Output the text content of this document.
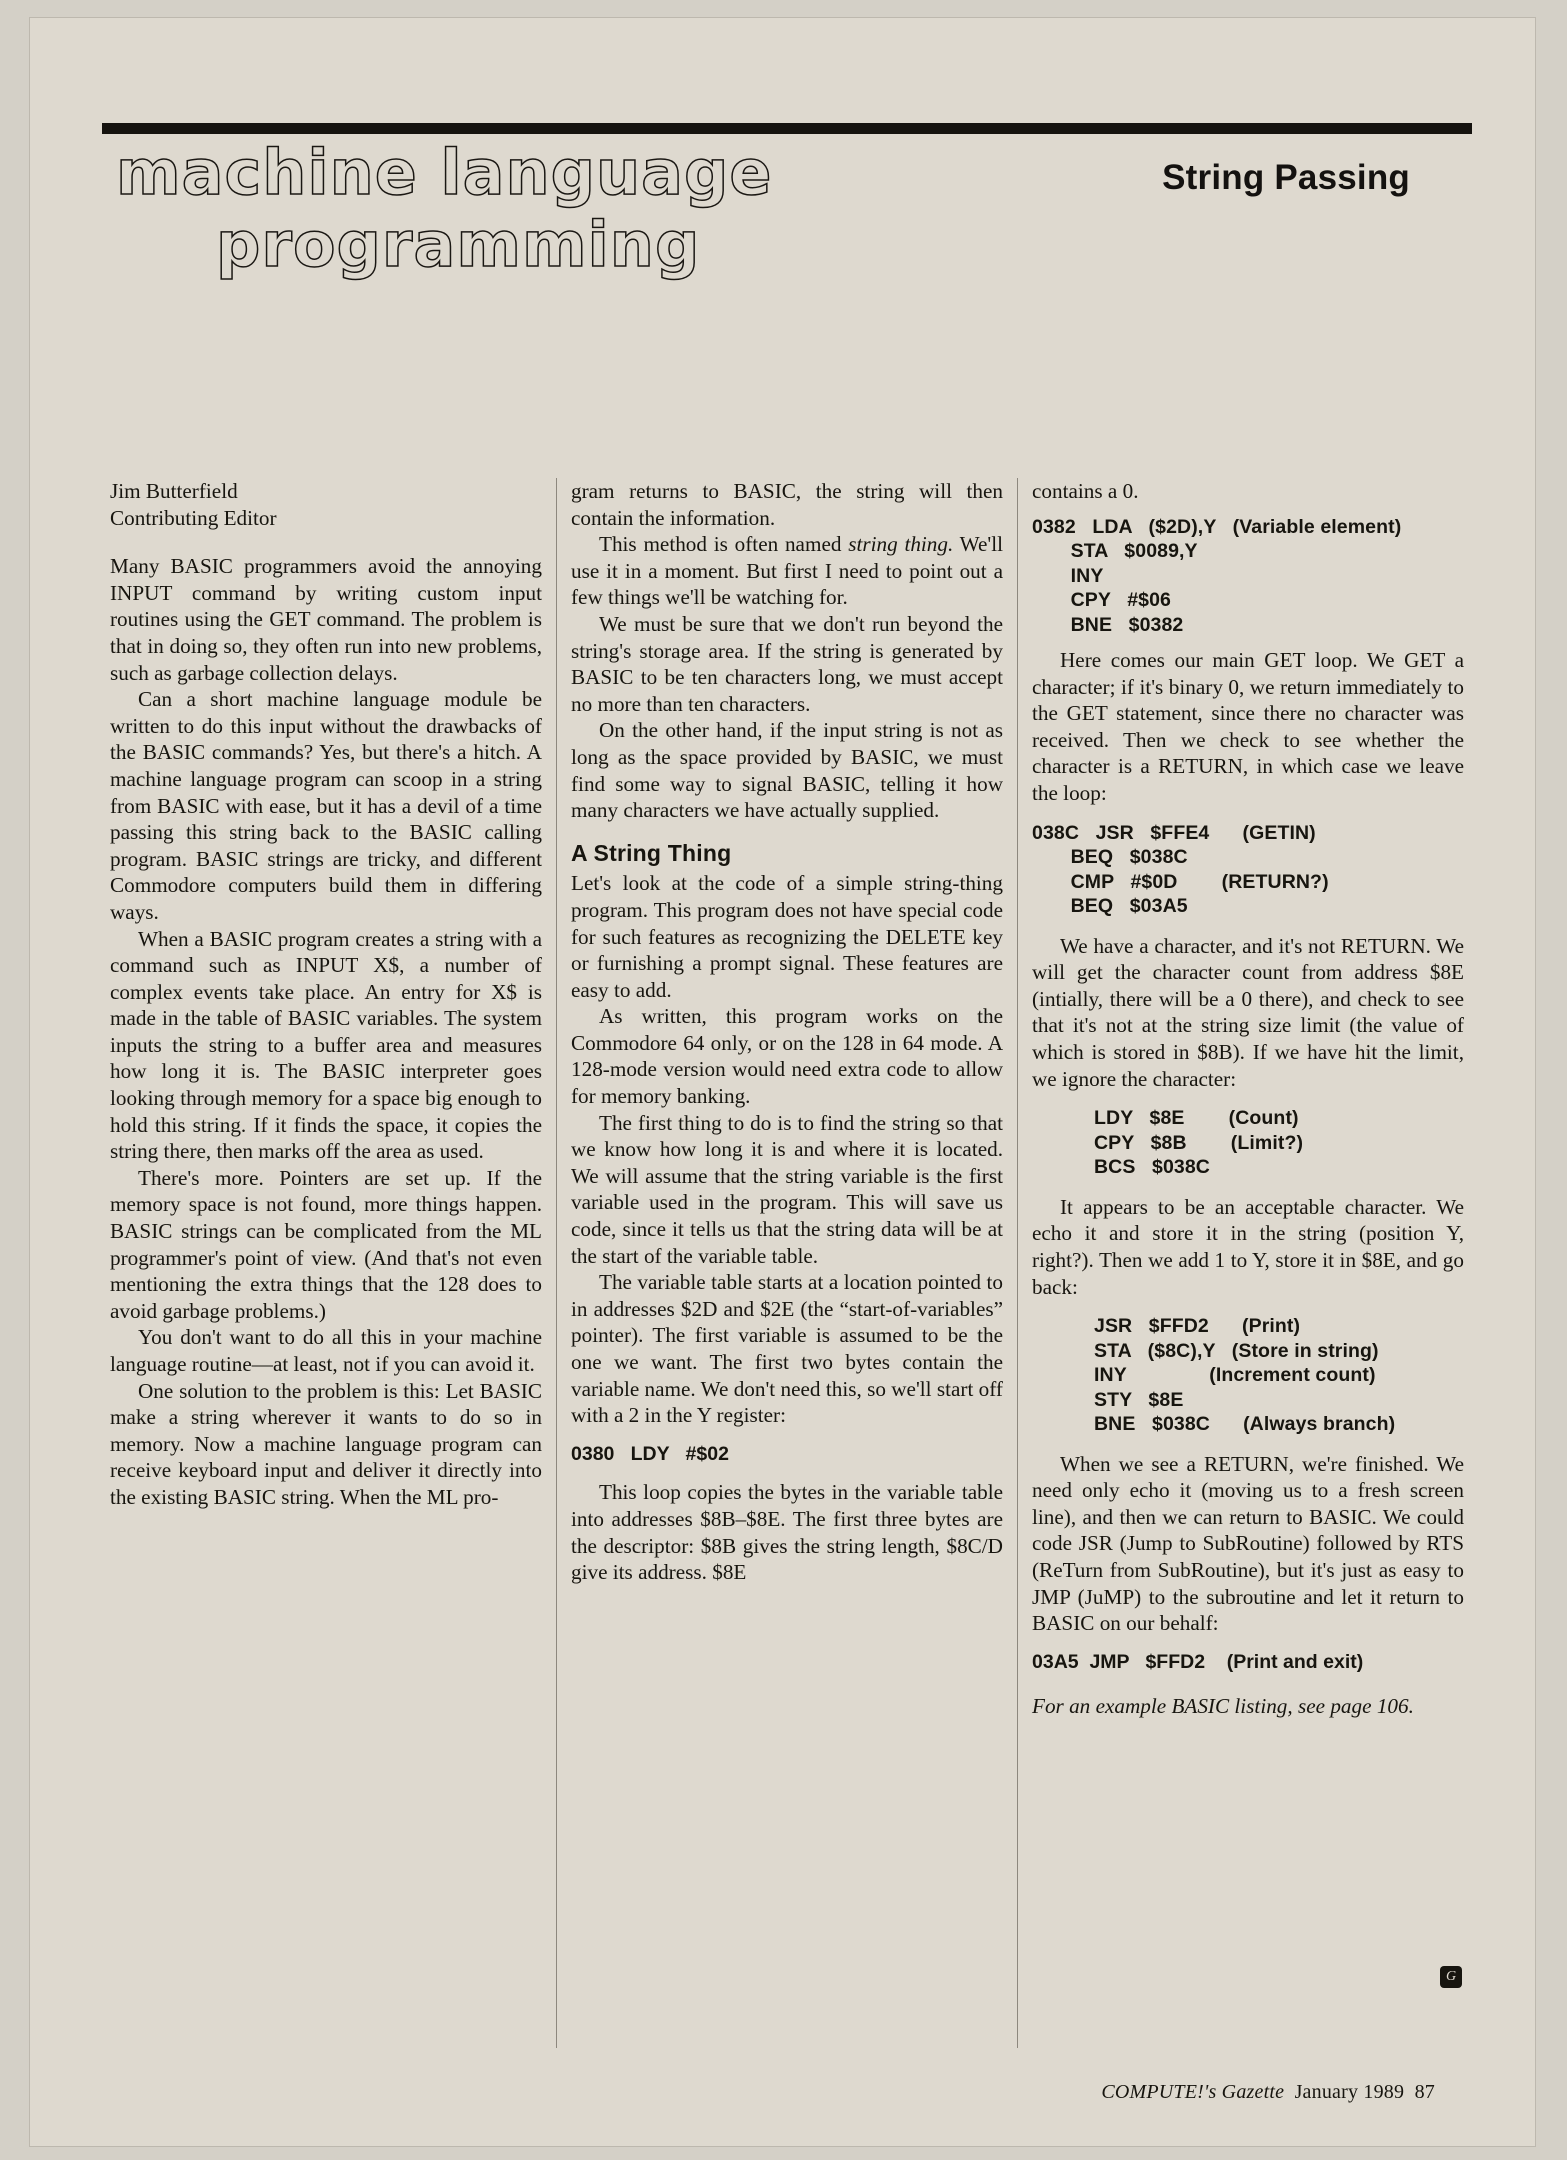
machine language
programming
String Passing
Jim Butterfield
Contributing Editor

Many BASIC programmers avoid the annoying INPUT command by writing custom input routines using the GET command. The problem is that in doing so, they often run into new problems, such as garbage collection delays.

Can a short machine language module be written to do this input without the drawbacks of the BASIC commands? Yes, but there's a hitch. A machine language program can scoop in a string from BASIC with ease, but it has a devil of a time passing this string back to the BASIC calling program. BASIC strings are tricky, and different Commodore computers build them in differing ways.

When a BASIC program creates a string with a command such as INPUT X$, a number of complex events take place. An entry for X$ is made in the table of BASIC variables. The system inputs the string to a buffer area and measures how long it is. The BASIC interpreter goes looking through memory for a space big enough to hold this string. If it finds the space, it copies the string there, then marks off the area as used.

There's more. Pointers are set up. If the memory space is not found, more things happen. BASIC strings can be complicated from the ML programmer's point of view. (And that's not even mentioning the extra things that the 128 does to avoid garbage problems.)

You don't want to do all this in your machine language routine—at least, not if you can avoid it.

One solution to the problem is this: Let BASIC make a string wherever it wants to do so in memory. Now a machine language program can receive keyboard input and deliver it directly into the existing BASIC string. When the ML pro-

gram returns to BASIC, the string will then contain the information.

This method is often named string thing. We'll use it in a moment. But first I need to point out a few things we'll be watching for.

We must be sure that we don't run beyond the string's storage area. If the string is generated by BASIC to be ten characters long, we must accept no more than ten characters.

On the other hand, if the input string is not as long as the space provided by BASIC, we must find some way to signal BASIC, telling it how many characters we have actually supplied.

A String Thing

Let's look at the code of a simple string-thing program. This program does not have special code for such features as recognizing the DELETE key or furnishing a prompt signal. These features are easy to add.

As written, this program works on the Commodore 64 only, or on the 128 in 64 mode. A 128-mode version would need extra code to allow for memory banking.

The first thing to do is to find the string so that we know how long it is and where it is located. We will assume that the string variable is the first variable used in the program. This will save us code, since it tells us that the string data will be at the start of the variable table.

The variable table starts at a location pointed to in addresses $2D and $2E (the “start-of-variables” pointer). The first variable is assumed to be the one we want. The first two bytes contain the variable name. We don't need this, so we'll start off with a 2 in the Y register:

0380   LDY   #$02

This loop copies the bytes in the variable table into addresses $8B–$8E. The first three bytes are the descriptor: $8B gives the string length, $8C/D give its address. $8E

contains a 0.

0382   LDA   ($2D),Y   (Variable element)
STA   $0089,Y
INY
CPY   #$06
BNE   $0382

Here comes our main GET loop. We GET a character; if it's binary 0, we return immediately to the GET statement, since there no character was received. Then we check to see whether the character is a RETURN, in which case we leave the loop:

038C   JSR   $FFE4      (GETIN)
BEQ   $038C
CMP   #$0D        (RETURN?)
BEQ   $03A5

We have a character, and it's not RETURN. We will get the character count from address $8E (intially, there will be a 0 there), and check to see that it's not at the string size limit (the value of which is stored in $8B). If we have hit the limit, we ignore the character:

LDY   $8E        (Count)
CPY   $8B        (Limit?)
BCS   $038C

It appears to be an acceptable character. We echo it and store it in the string (position Y, right?). Then we add 1 to Y, store it in $8E, and go back:

JSR   $FFD2      (Print)
STA   ($8C),Y   (Store in string)
INY               (Increment count)
STY   $8E
BNE   $038C      (Always branch)

When we see a RETURN, we're finished. We need only echo it (moving us to a fresh screen line), and then we can return to BASIC. We could code JSR (Jump to SubRoutine) followed by RTS (ReTurn from SubRoutine), but it's just as easy to JMP (JuMP) to the subroutine and let it return to BASIC on our behalf:

03A5  JMP   $FFD2    (Print and exit)
For an example BASIC listing, see page 106.
G
COMPUTE!'s Gazette January 1989 87
